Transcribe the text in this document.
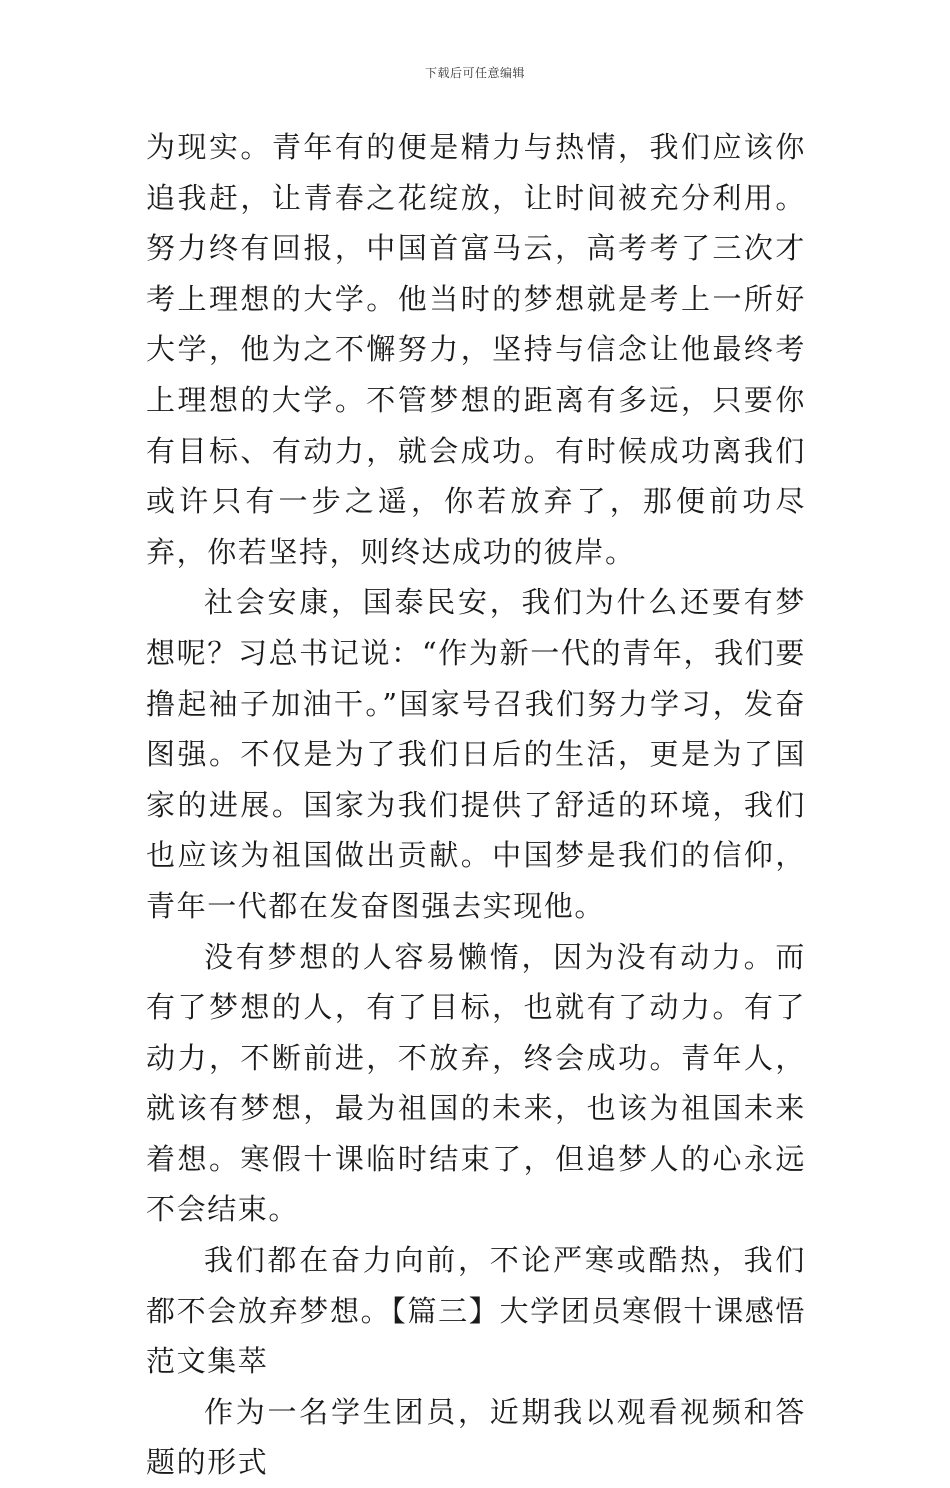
下载后可任意编辑

为现实。青年有的便是精力与热情，我们应该你追我赶，让青春之花绽放，让时间被充分利用。努力终有回报，中国首富马云，高考考了三次才考上理想的大学。他当时的梦想就是考上一所好大学，他为之不懈努力，坚持与信念让他最终考上理想的大学。不管梦想的距离有多远，只要你有目标、有动力，就会成功。有时候成功离我们或许只有一步之遥，你若放弃了，那便前功尽弃，你若坚持，则终达成功的彼岸。

社会安康，国泰民安，我们为什么还要有梦想呢？习总书记说：“作为新一代的青年，我们要撸起袖子加油干。”国家号召我们努力学习，发奋图强。不仅是为了我们日后的生活，更是为了国家的进展。国家为我们提供了舒适的环境，我们也应该为祖国做出贡献。中国梦是我们的信仰，青年一代都在发奋图强去实现他。

没有梦想的人容易懒惰，因为没有动力。而有了梦想的人，有了目标，也就有了动力。有了动力，不断前进，不放弃，终会成功。青年人，就该有梦想，最为祖国的未来，也该为祖国未来着想。寒假十课临时结束了，但追梦人的心永远不会结束。

我们都在奋力向前，不论严寒或酷热，我们都不会放弃梦想。【篇三】大学团员寒假十课感悟范文集萃

作为一名学生团员，近期我以观看视频和答题的形式
